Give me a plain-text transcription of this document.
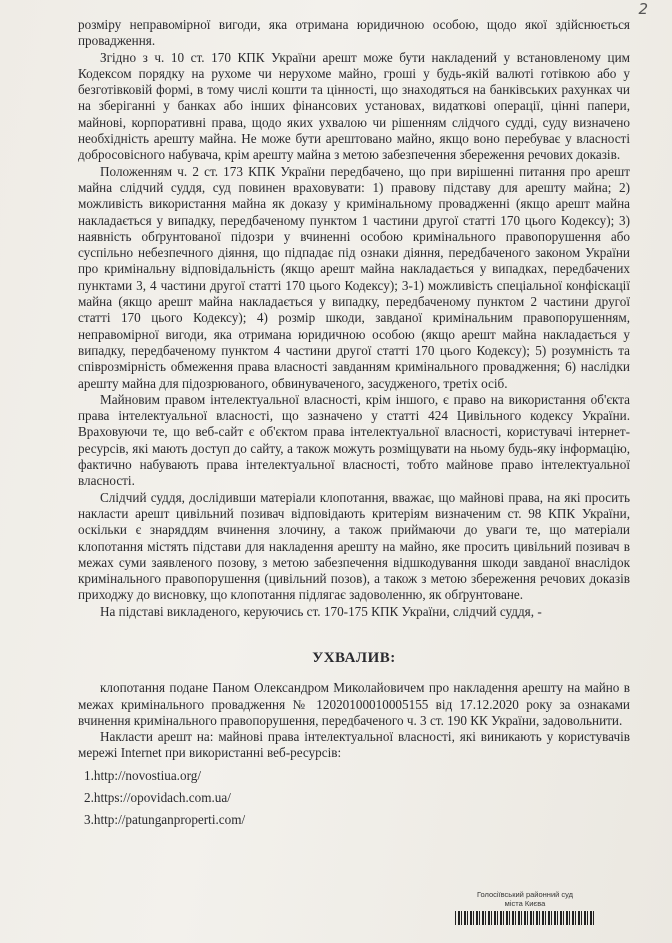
2

розміру неправомірної вигоди, яка отримана юридичною особою, щодо якої здійснюється провадження.

Згідно з ч. 10 ст. 170 КПК України арешт може бути накладений у встановленому цим Кодексом порядку на рухоме чи нерухоме майно, гроші у будь-якій валюті готівкою або у безготівковій формі, в тому числі кошти та цінності, що знаходяться на банківських рахунках чи на зберіганні у банках або інших фінансових установах, видаткові операції, цінні папери, майнові, корпоративні права, щодо яких ухвалою чи рішенням слідчого судді, суду визначено необхідність арешту майна. Не може бути арештовано майно, якщо воно перебуває у власності добросовісного набувача, крім арешту майна з метою забезпечення збереження речових доказів.

Положенням ч. 2 ст. 173 КПК України передбачено, що при вирішенні питання про арешт майна слідчий суддя, суд повинен враховувати: 1) правову підставу для арешту майна; 2) можливість використання майна як доказу у кримінальному провадженні (якщо арешт майна накладається у випадку, передбаченому пунктом 1 частини другої статті 170 цього Кодексу); 3) наявність обґрунтованої підозри у вчиненні особою кримінального правопорушення або суспільно небезпечного діяння, що підпадає під ознаки діяння, передбаченого законом України про кримінальну відповідальність (якщо арешт майна накладається у випадках, передбачених пунктами 3, 4 частини другої статті 170 цього Кодексу); 3-1) можливість спеціальної конфіскації майна (якщо арешт майна накладається у випадку, передбаченому пунктом 2 частини другої статті 170 цього Кодексу); 4) розмір шкоди, завданої кримінальним правопорушенням, неправомірної вигоди, яка отримана юридичною особою (якщо арешт майна накладається у випадку, передбаченому пунктом 4 частини другої статті 170 цього Кодексу); 5) розумність та співрозмірність обмеження права власності завданням кримінального провадження; 6) наслідки арешту майна для підозрюваного, обвинуваченого, засудженого, третіх осіб.

Майновим правом інтелектуальної власності, крім іншого, є право на використання об'єкта права інтелектуальної власності, що зазначено у статті 424 Цивільного кодексу України. Враховуючи те, що веб-сайт є об'єктом права інтелектуальної власності, користувачі інтернет-ресурсів, які мають доступ до сайту, а також можуть розміщувати на ньому будь-яку інформацію, фактично набувають права інтелектуальної власності, тобто майнове право інтелектуальної власності.

Слідчий суддя, дослідивши матеріали клопотання, вважає, що майнові права, на які просить накласти арешт цивільний позивач відповідають критеріям визначеним ст. 98 КПК України, оскільки є знаряддям вчинення злочину, а також приймаючи до уваги те, що матеріали клопотання містять підстави для накладення арешту на майно, яке просить цивільний позивач в межах суми заявленого позову, з метою забезпечення відшкодування шкоди завданої внаслідок кримінального правопорушення (цивільний позов), а також з метою збереження речових доказів приходжу до висновку, що клопотання підлягає задоволенню, як обґрунтоване.

На підставі викладеного, керуючись ст. 170-175 КПК України, слідчий суддя, -

УХВАЛИВ:

клопотання подане Паном Олександром Миколайовичем про накладення арешту на майно в межах кримінального провадження № 12020100010005155 від 17.12.2020 року за ознаками вчинення кримінального правопорушення, передбаченого ч. 3 ст. 190 КК України, задовольнити.

Накласти арешт на: майнові права інтелектуальної власності, які виникають у користувачів мережі Internet при використанні веб-ресурсів:

1.http://novostiua.org/
2.https://opovidach.com.ua/
3.http://patunganproperti.com/
Голосіївський районний суд
міста Києва
